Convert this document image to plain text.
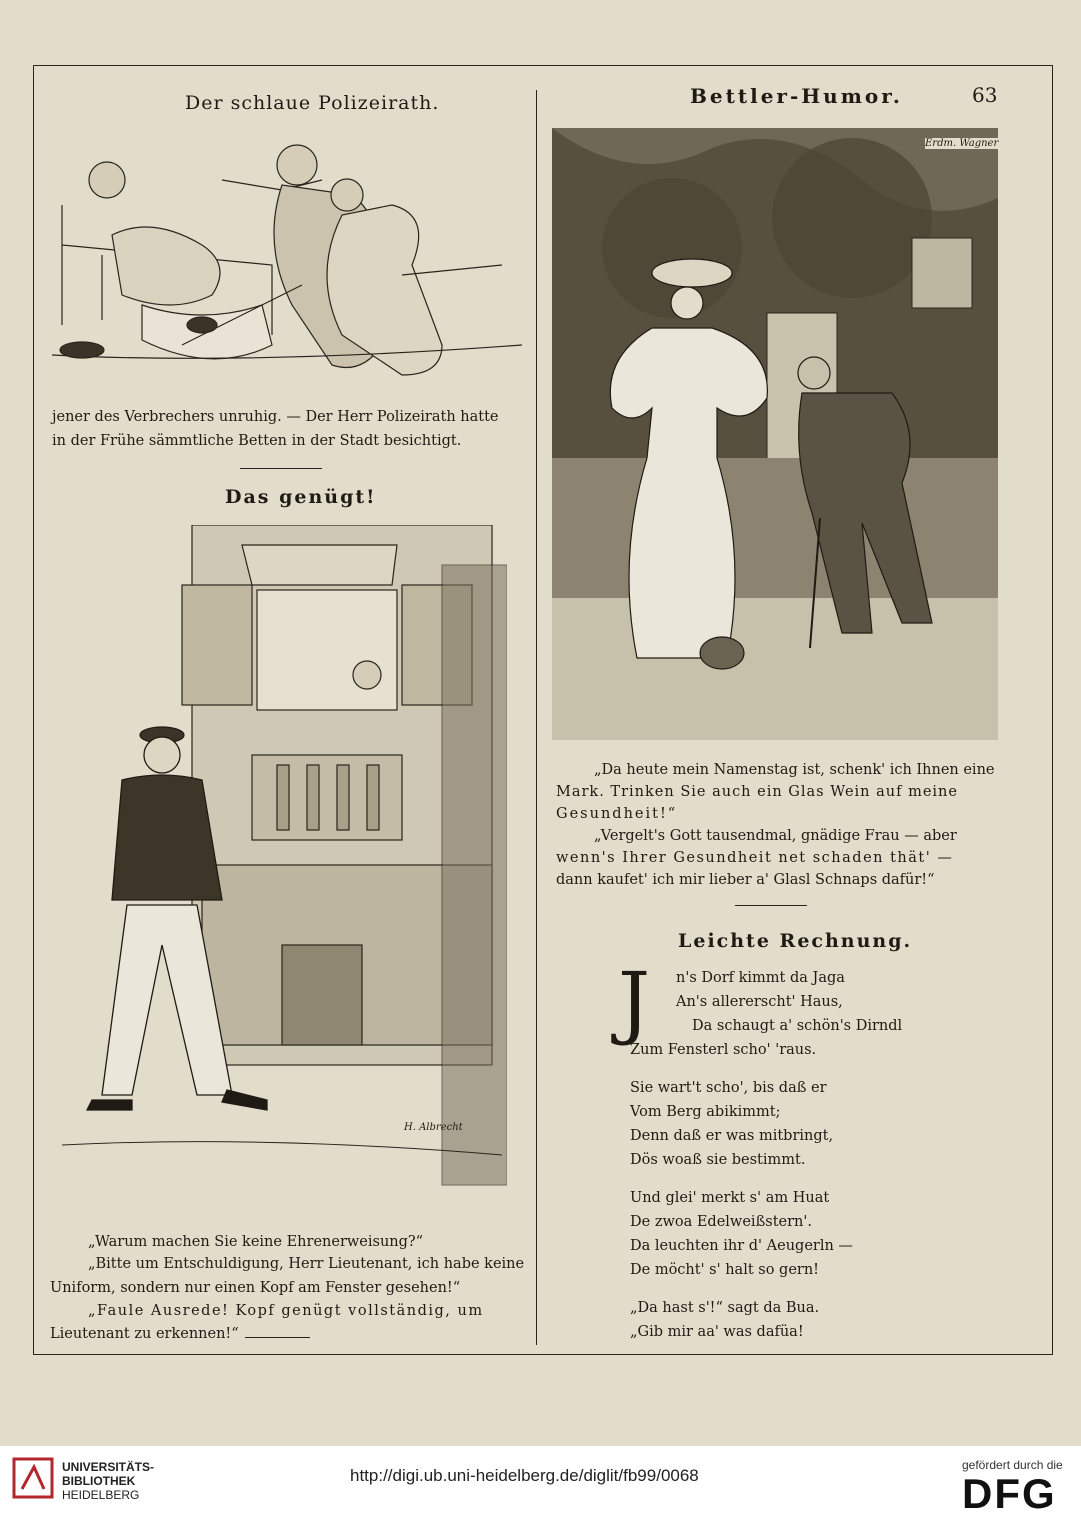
Der schlaue Polizeirath.
jener des Verbrechers unruhig. — Der Herr Polizeirath hatte
in der Frühe sämmtliche Betten in der Stadt besichtigt.
Das genügt!
H. Albrecht
„Warum machen Sie keine Ehrenerweisung?“
„Bitte um Entschuldigung, Herr Lieutenant, ich habe keine
Uniform, sondern nur einen Kopf am Fenster gesehen!“
„Faule Ausrede! Kopf genügt vollständig, um
Lieutenant zu erkennen!“
Bettler-Humor.	63
Erdm. Wagner
„Da heute mein Namenstag ist, schenk' ich Ihnen eine
Mark. Trinken Sie auch ein Glas Wein auf meine
Gesundheit!“
„Vergelt's Gott tausendmal, gnädige Frau — aber
wenn's Ihrer Gesundheit net schaden thät' —
dann kaufet' ich mir lieber a' Glasl Schnaps dafür!“
Leichte Rechnung.
J n's Dorf kimmt da Jaga
An's allererscht' Haus,
Da schaugt a' schön's Dirndl
Zum Fensterl scho' 'raus.
Sie wart't scho', bis daß er
Vom Berg abikimmt;
Denn daß er was mitbringt,
Dös woaß sie bestimmt.
Und glei' merkt s' am Huat
De zwoa Edelweißstern'.
Da leuchten ihr d' Aeugerln —
De möcht' s' halt so gern!
„Da hast s'!“ sagt da Bua.
„Gib mir aa' was dafüa!
UNIVERSITÄTS-
BIBLIOTHEK
HEIDELBERG
http://digi.ub.uni-heidelberg.de/diglit/fb99/0068
gefördert durch die
DFG
